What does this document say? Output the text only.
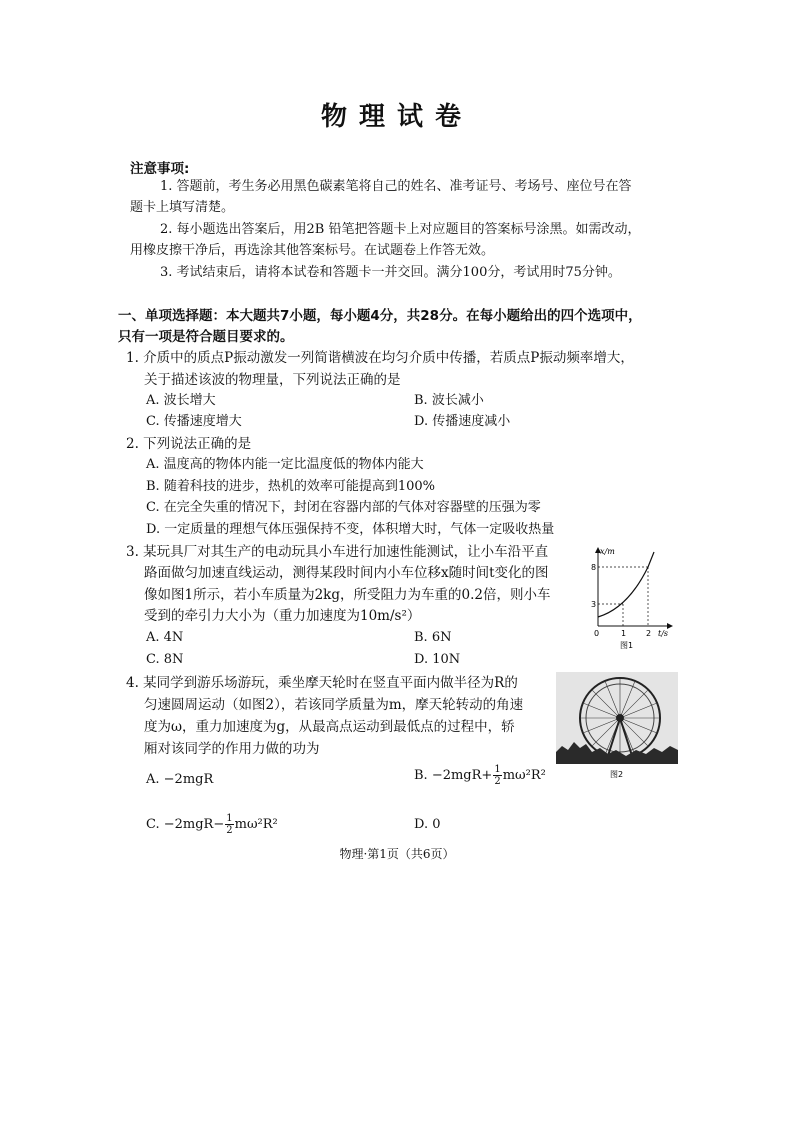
物理试卷
注意事项:
1. 答题前，考生务必用黑色碳素笔将自己的姓名、准考证号、考场号、座位号在答
题卡上填写清楚。
2. 每小题选出答案后，用2B 铅笔把答题卡上对应题目的答案标号涂黑。如需改动，
用橡皮擦干净后，再选涂其他答案标号。在试题卷上作答无效。
3. 考试结束后，请将本试卷和答题卡一并交回。满分100分，考试用时75分钟。
一、单项选择题：本大题共7小题，每小题4分，共28分。在每小题给出的四个选项中，
只有一项是符合题目要求的。
1. 介质中的质点P振动激发一列简谐横波在均匀介质中传播，若质点P振动频率增大，
关于描述该波的物理量，下列说法正确的是
A. 波长增大	B. 波长减小
C. 传播速度增大	D. 传播速度减小
2. 下列说法正确的是
A. 温度高的物体内能一定比温度低的物体内能大
B. 随着科技的进步，热机的效率可能提高到100%
C. 在完全失重的情况下，封闭在容器内部的气体对容器壁的压强为零
D. 一定质量的理想气体压强保持不变，体积增大时，气体一定吸收热量
3. 某玩具厂对其生产的电动玩具小车进行加速性能测试，让小车沿平直
路面做匀加速直线运动，测得某段时间内小车位移x随时间t变化的图
像如图1所示，若小车质量为2kg，所受阻力为车重的0.2倍，则小车
受到的牵引力大小为（重力加速度为10m/s²）
A. 4N	B. 6N
C. 8N	D. 10N
x/m
t/s
8
3
0	1 2
图1
4. 某同学到游乐场游玩，乘坐摩天轮时在竖直平面内做半径为R的
匀速圆周运动（如图2），若该同学质量为m，摩天轮转动的角速
度为ω，重力加速度为g，从最高点运动到最低点的过程中，轿
厢对该同学的作用力做的功为
A. −2mgR	B. $-2mgR+ \frac{1}{2} m\omega^2R^2$
C. $-2mgR- \frac{1}{2} m\omega^2R^2$	D. 0
图2
物理·第1页（共6页）
